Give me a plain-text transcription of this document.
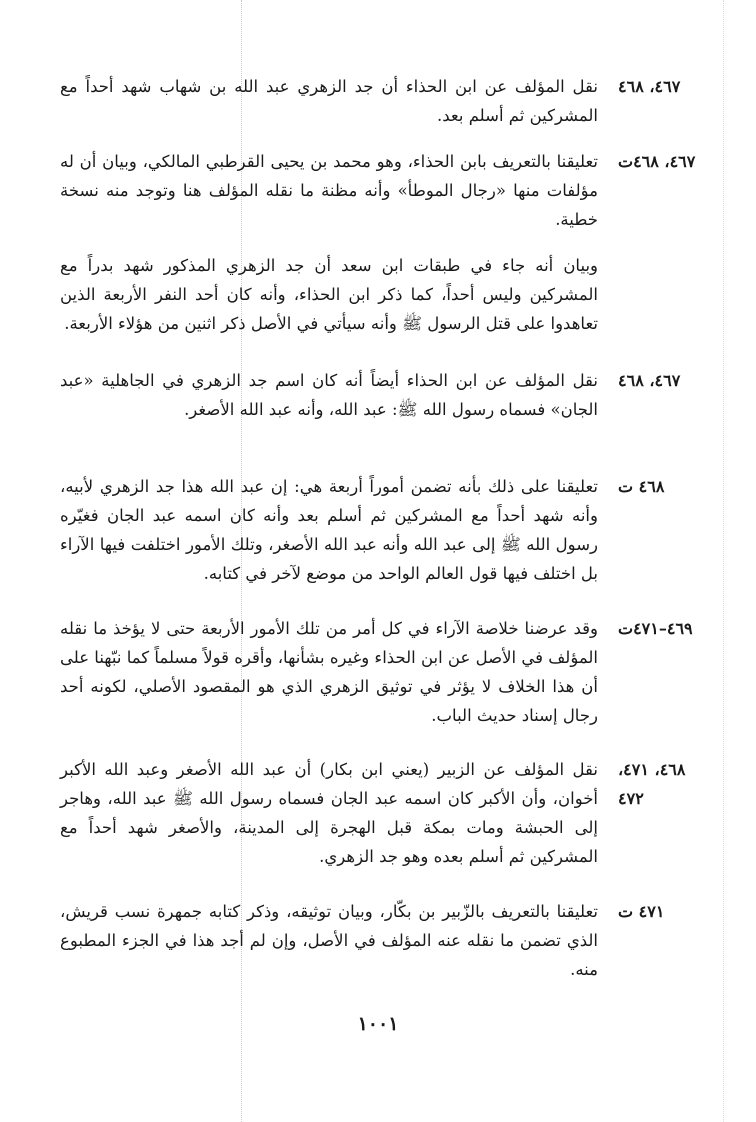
٤٦٧، ٤٦٨
نقل المؤلف عن ابن الحذاء أن جد الزهري عبد الله بن شهاب شهد أحداً مع المشركين ثم أسلم بعد.
٤٦٧، ٤٦٨ت
تعليقنا بالتعريف بابن الحذاء، وهو محمد بن يحيى القرطبي المالكي، وبيان أن له مؤلفات منها «رجال الموطأ» وأنه مظنة ما نقله المؤلف هنا وتوجد منه نسخة خطية.
وبيان أنه جاء في طبقات ابن سعد أن جد الزهري المذكور شهد بدراً مع المشركين وليس أحداً، كما ذكر ابن الحذاء، وأنه كان أحد النفر الأربعة الذين تعاهدوا على قتل الرسول ﷺ وأنه سيأتي في الأصل ذكر اثنين من هؤلاء الأربعة.
٤٦٧، ٤٦٨
نقل المؤلف عن ابن الحذاء أيضاً أنه كان اسم جد الزهري في الجاهلية «عبد الجان» فسماه رسول الله ﷺ: عبد الله، وأنه عبد الله الأصغر.
٤٦٨ ت
تعليقنا على ذلك بأنه تضمن أموراً أربعة هي: إن عبد الله هذا جد الزهري لأبيه، وأنه شهد أحداً مع المشركين ثم أسلم بعد وأنه كان اسمه عبد الجان فغيّره رسول الله ﷺ إلى عبد الله وأنه عبد الله الأصغر، وتلك الأمور اختلفت فيها الآراء بل اختلف فيها قول العالم الواحد من موضع لآخر في كتابه.
٤٦٩–٤٧١ت
وقد عرضنا خلاصة الآراء في كل أمر من تلك الأمور الأربعة حتى لا يؤخذ ما نقله المؤلف في الأصل عن ابن الحذاء وغيره بشأنها، وأقره قولاً مسلماً كما نبّهنا على أن هذا الخلاف لا يؤثر في توثيق الزهري الذي هو المقصود الأصلي، لكونه أحد رجال إسناد حديث الباب.
٤٦٨، ٤٧١، ٤٧٢
نقل المؤلف عن الزبير (يعني ابن بكار) أن عبد الله الأصغر وعبد الله الأكبر أخوان، وأن الأكبر كان اسمه عبد الجان فسماه رسول الله ﷺ عبد الله، وهاجر إلى الحبشة ومات بمكة قبل الهجرة إلى المدينة، والأصغر شهد أحداً مع المشركين ثم أسلم بعده وهو جد الزهري.
٤٧١ ت
تعليقنا بالتعريف بالزّبير بن بكّار، وبيان توثيقه، وذكر كتابه جمهرة نسب قريش، الذي تضمن ما نقله عنه المؤلف في الأصل، وإن لم أجد هذا في الجزء المطبوع منه.
١٠٠١
